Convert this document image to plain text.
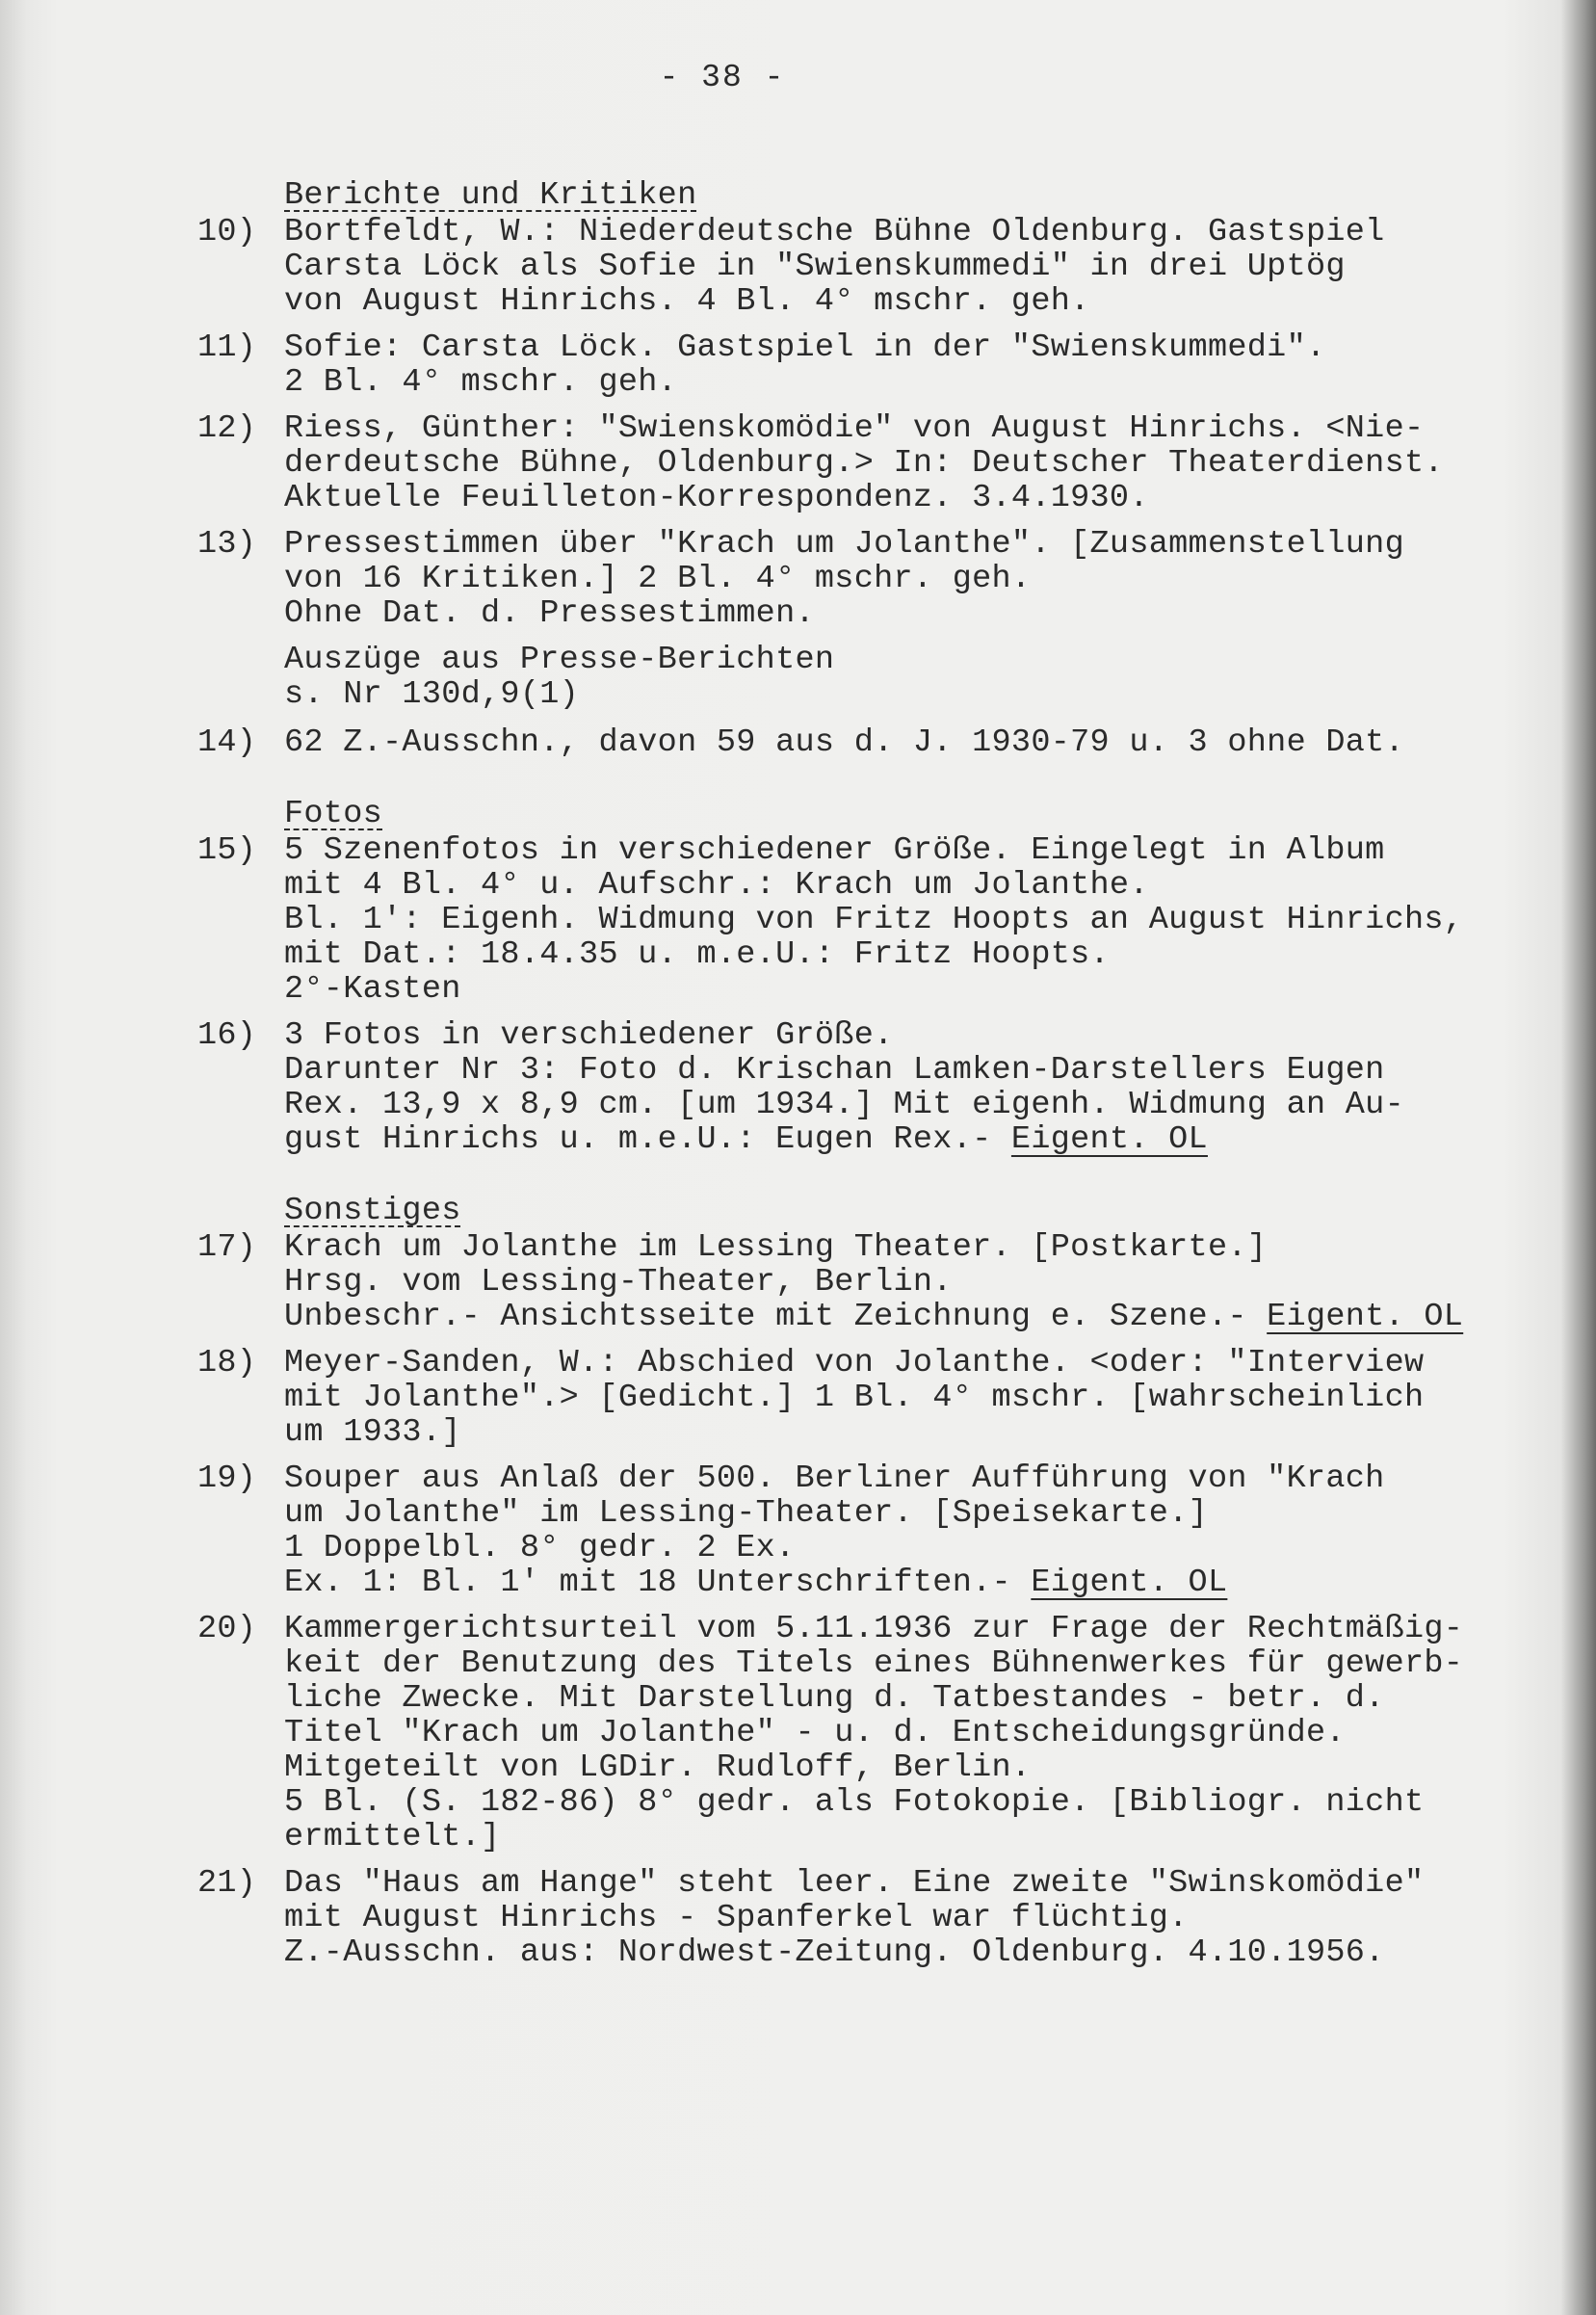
- 38 -
Berichte und Kritiken
10) Bortfeldt, W.: Niederdeutsche Bühne Oldenburg. Gastspiel
Carsta Löck als Sofie in "Swienskummedi" in drei Uptög
von August Hinrichs. 4 Bl. 4° mschr. geh.
11) Sofie: Carsta Löck. Gastspiel in der "Swienskummedi".
2 Bl. 4° mschr. geh.
12) Riess, Günther: "Swienskomödie" von August Hinrichs. <Nie-
derdeutsche Bühne, Oldenburg.> In: Deutscher Theaterdienst.
Aktuelle Feuilleton-Korrespondenz. 3.4.1930.
13) Pressestimmen über "Krach um Jolanthe". [Zusammenstellung
von 16 Kritiken.] 2 Bl. 4° mschr. geh.
Ohne Dat. d. Pressestimmen.
Auszüge aus Presse-Berichten
s. Nr 130d,9(1)
14) 62 Z.-Ausschn., davon 59 aus d. J. 1930-79 u. 3 ohne Dat.
Fotos
15) 5 Szenenfotos in verschiedener Größe. Eingelegt in Album
mit 4 Bl. 4° u. Aufschr.: Krach um Jolanthe.
Bl. 1': Eigenh. Widmung von Fritz Hoopts an August Hinrichs,
mit Dat.: 18.4.35 u. m.e.U.: Fritz Hoopts.
2°-Kasten
16) 3 Fotos in verschiedener Größe.
Darunter Nr 3: Foto d. Krischan Lamken-Darstellers Eugen
Rex. 13,9 x 8,9 cm. [um 1934.] Mit eigenh. Widmung an Au-
gust Hinrichs u. m.e.U.: Eugen Rex.- Eigent. OL
Sonstiges
17) Krach um Jolanthe im Lessing Theater. [Postkarte.]
Hrsg. vom Lessing-Theater, Berlin.
Unbeschr.- Ansichtsseite mit Zeichnung e. Szene.- Eigent. OL
18) Meyer-Sanden, W.: Abschied von Jolanthe. <oder: "Interview
mit Jolanthe".> [Gedicht.] 1 Bl. 4° mschr. [wahrscheinlich
um 1933.]
19) Souper aus Anlaß der 500. Berliner Aufführung von "Krach
um Jolanthe" im Lessing-Theater. [Speisekarte.]
1 Doppelbl. 8° gedr. 2 Ex.
Ex. 1: Bl. 1' mit 18 Unterschriften.- Eigent. OL
20) Kammergerichtsurteil vom 5.11.1936 zur Frage der Rechtmäßig-
keit der Benutzung des Titels eines Bühnenwerkes für gewerb-
liche Zwecke. Mit Darstellung d. Tatbestandes - betr. d.
Titel "Krach um Jolanthe" - u. d. Entscheidungsgründe.
Mitgeteilt von LGDir. Rudloff, Berlin.
5 Bl. (S. 182-86) 8° gedr. als Fotokopie. [Bibliogr. nicht
ermittelt.]
21) Das "Haus am Hange" steht leer. Eine zweite "Swinskomödie"
mit August Hinrichs - Spanferkel war flüchtig.
Z.-Ausschn. aus: Nordwest-Zeitung. Oldenburg. 4.10.1956.
